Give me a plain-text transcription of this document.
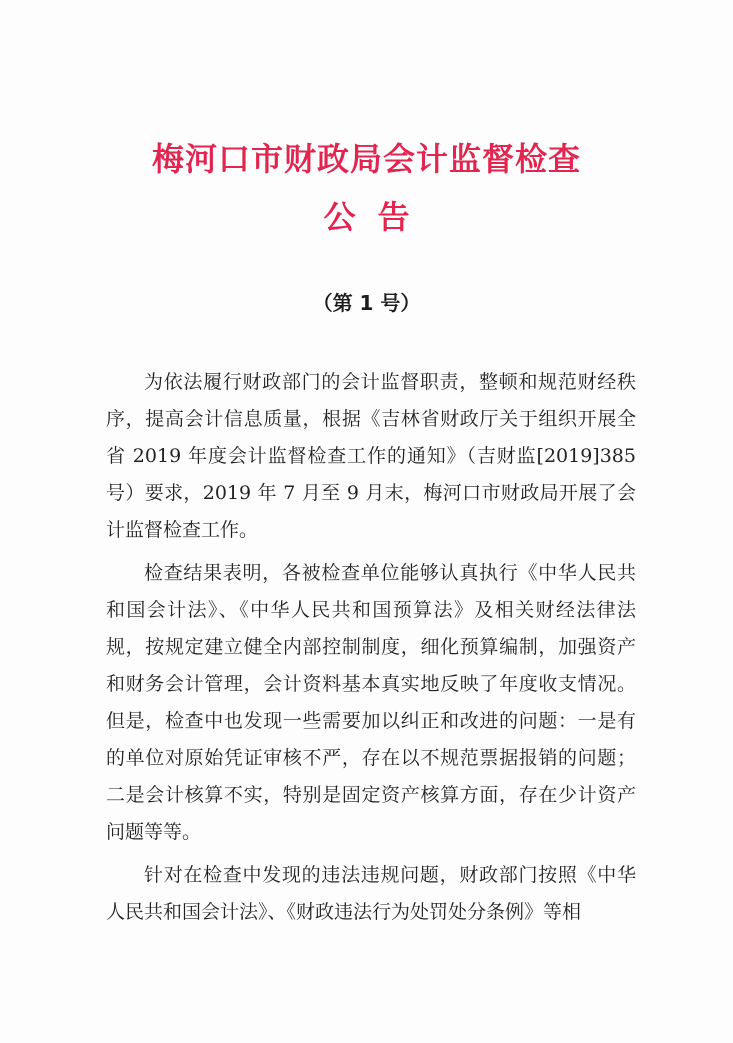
梅河口市财政局会计监督检查
公告
（第 1 号）

为依法履行财政部门的会计监督职责，整顿和规范财经秩序，提高会计信息质量，根据《吉林省财政厅关于组织开展全省 2019 年度会计监督检查工作的通知》（吉财监[2019]385 号）要求，2019 年 7 月至 9 月末，梅河口市财政局开展了会计监督检查工作。

检查结果表明，各被检查单位能够认真执行《中华人民共和国会计法》、《中华人民共和国预算法》及相关财经法律法规，按规定建立健全内部控制制度，细化预算编制，加强资产和财务会计管理，会计资料基本真实地反映了年度收支情况。但是，检查中也发现一些需要加以纠正和改进的问题：一是有的单位对原始凭证审核不严，存在以不规范票据报销的问题；二是会计核算不实，特别是固定资产核算方面，存在少计资产问题等等。

针对在检查中发现的违法违规问题，财政部门按照《中华人民共和国会计法》、《财政违法行为处罚处分条例》等相
